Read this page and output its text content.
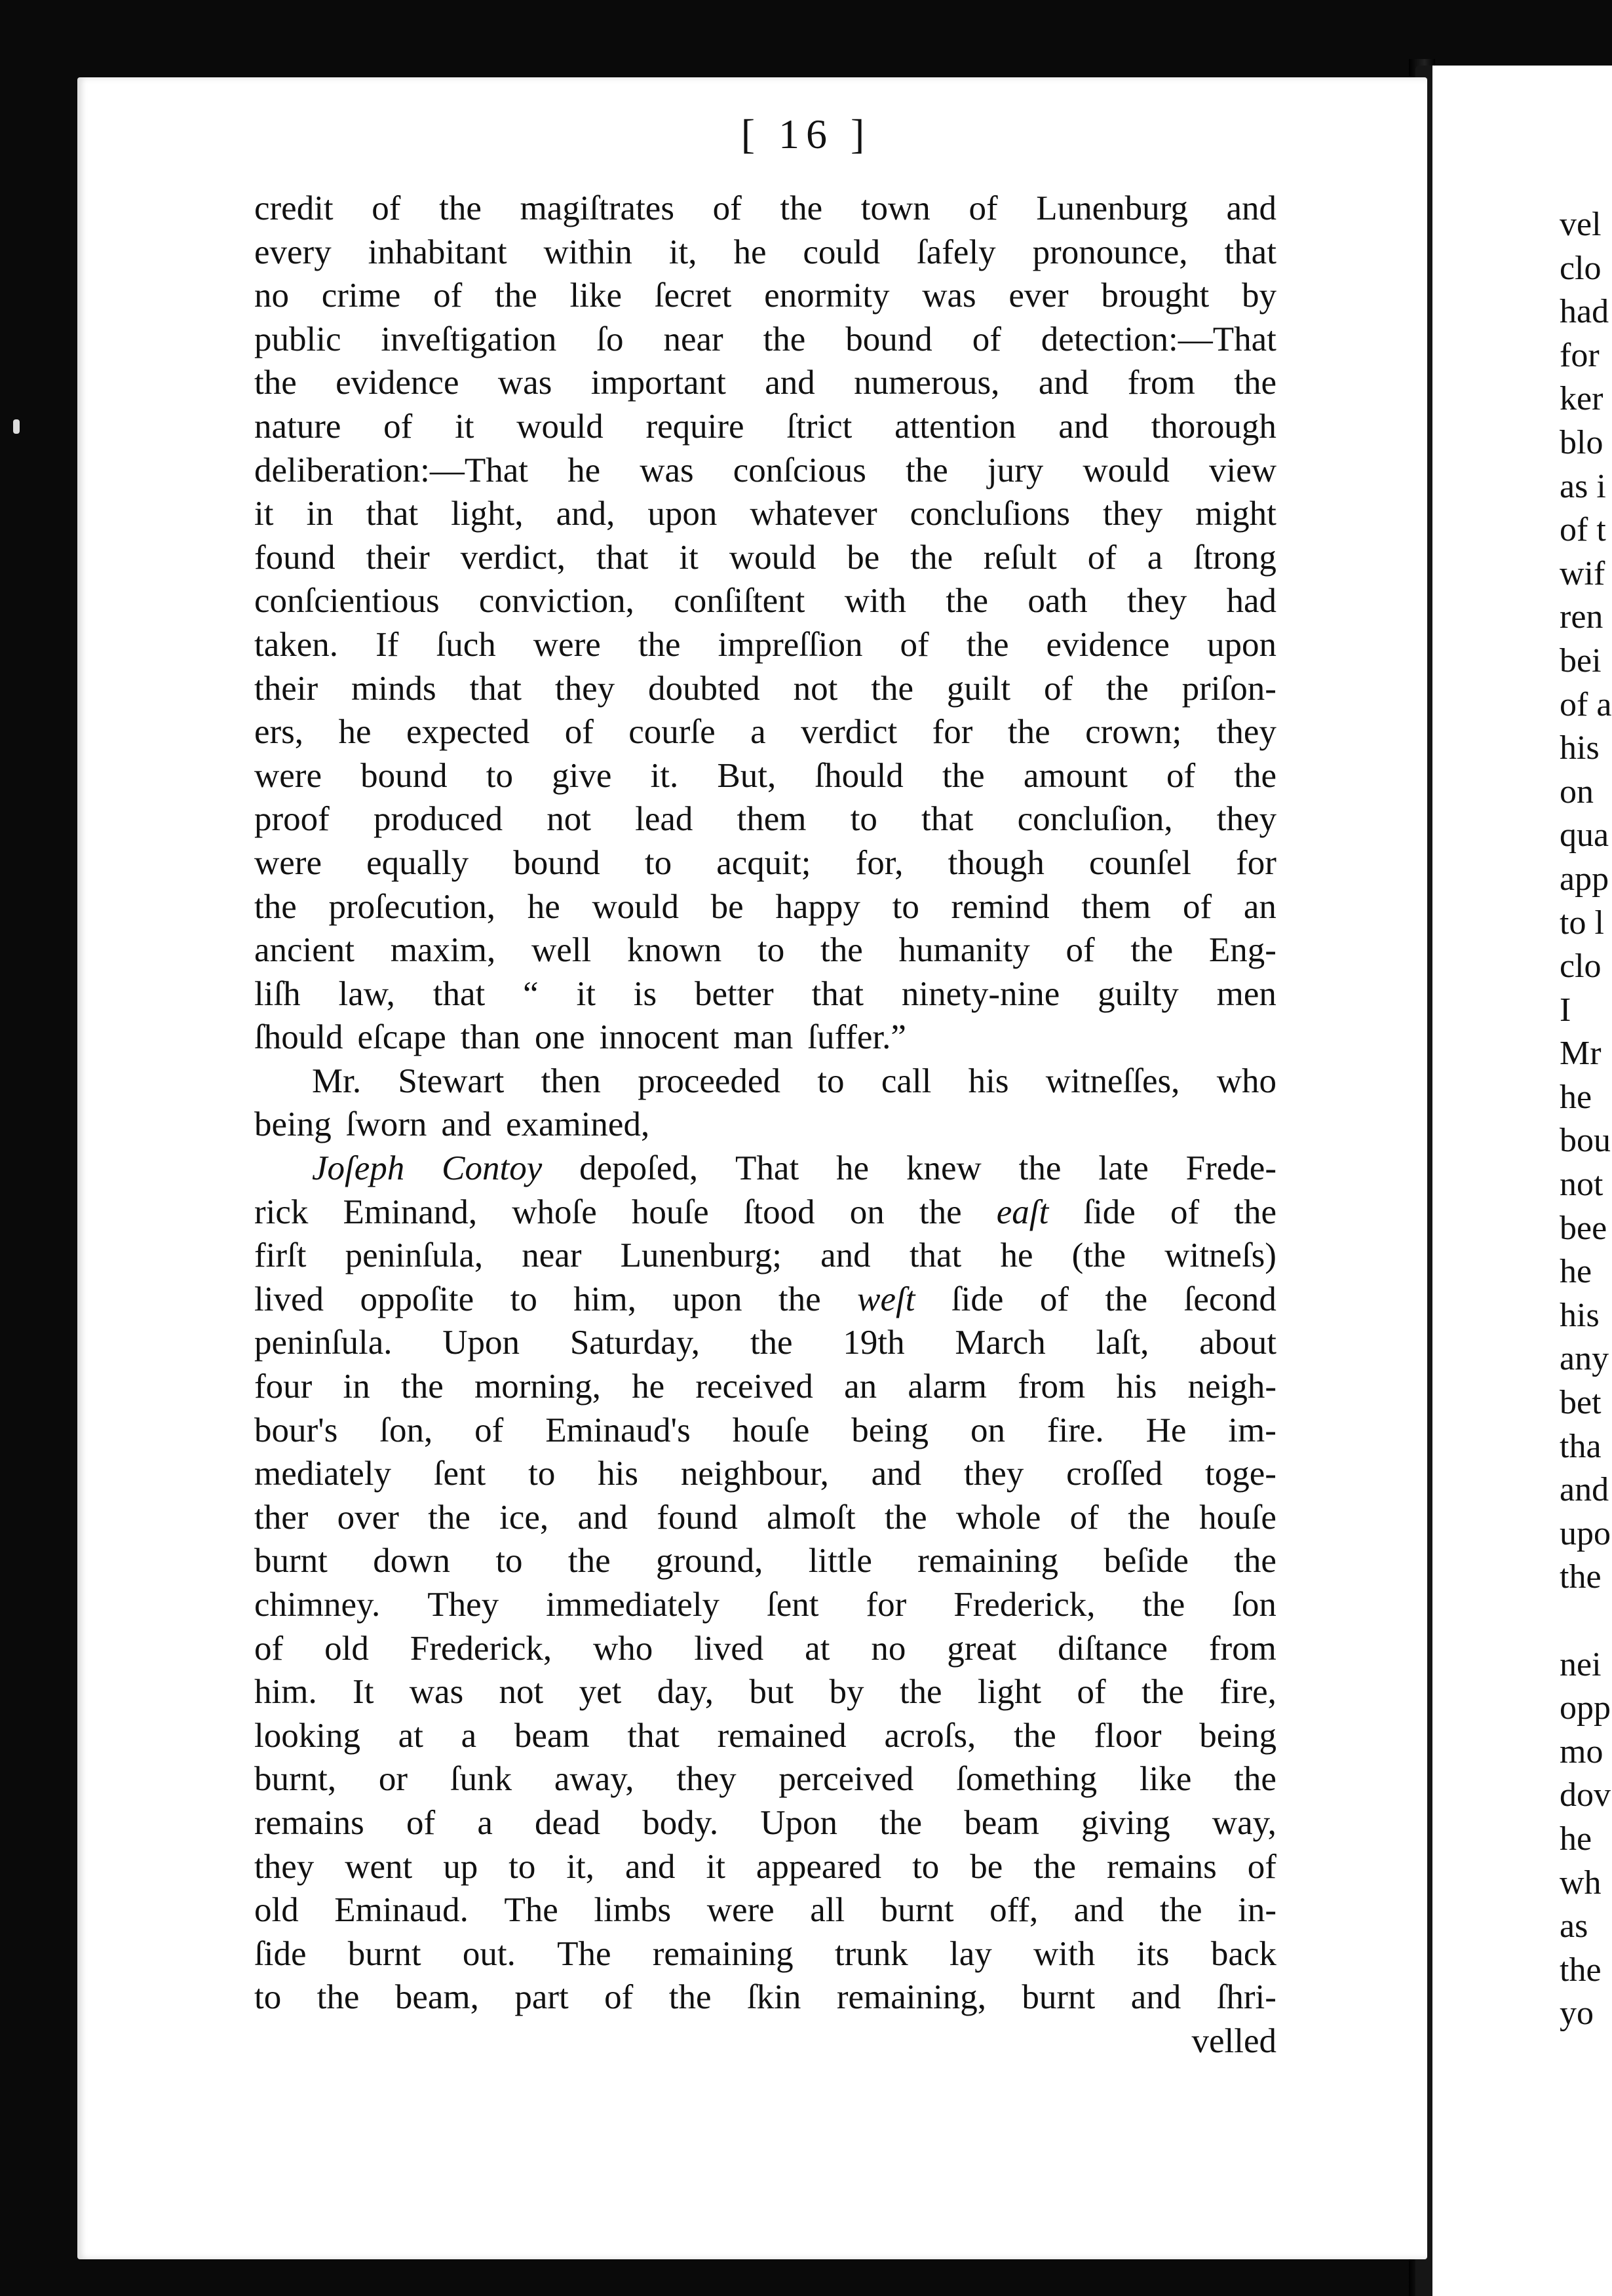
[ 16 ]
credit of the magiſtrates of the town of Lunenburg and
every inhabitant within it, he could ſafely pronounce, that
no crime of the like ſecret enormity was ever brought by
public inveſtigation ſo near the bound of detection:—That
the evidence was important and numerous, and from the
nature of it would require ſtrict attention and thorough
deliberation:—That he was conſcious the jury would view
it in that light, and, upon whatever concluſions they might
found their verdict, that it would be the reſult of a ſtrong
conſcientious conviction, conſiſtent with the oath they had
taken. If ſuch were the impreſſion of the evidence upon
their minds that they doubted not the guilt of the priſon-
ers, he expected of courſe a verdict for the crown; they
were bound to give it. But, ſhould the amount of the
proof produced not lead them to that concluſion, they
were equally bound to acquit; for, though counſel for
the proſecution, he would be happy to remind them of an
ancient maxim, well known to the humanity of the Eng-
liſh law, that “ it is better that ninety-nine guilty men
ſhould eſcape than one innocent man ſuffer.”
Mr. Stewart then proceeded to call his witneſſes, who
being ſworn and examined,
Joſeph Contoy depoſed, That he knew the late Frede-
rick Eminand, whoſe houſe ſtood on the eaſt ſide of the
firſt peninſula, near Lunenburg; and that he (the witneſs)
lived oppoſite to him, upon the weſt ſide of the ſecond
peninſula. Upon Saturday, the 19th March laſt, about
four in the morning, he received an alarm from his neigh-
bour's ſon, of Eminaud's houſe being on fire. He im-
mediately ſent to his neighbour, and they croſſed toge-
ther over the ice, and found almoſt the whole of the houſe
burnt down to the ground, little remaining beſide the
chimney. They immediately ſent for Frederick, the ſon
of old Frederick, who lived at no great diſtance from
him. It was not yet day, but by the light of the fire,
looking at a beam that remained acroſs, the floor being
burnt, or ſunk away, they perceived ſomething like the
remains of a dead body. Upon the beam giving way,
they went up to it, and it appeared to be the remains of
old Eminaud. The limbs were all burnt off, and the in-
ſide burnt out. The remaining trunk lay with its back
to the beam, part of the ſkin remaining, burnt and ſhri-
velled
vel
clo
had
for
ker
blo
as i
of t
wif
ren
bei
of a
his
on
qua
app
to l
clo
I
Mr
he
bou
not
bee
he
his
any
bet
tha
and
upo
the
nei
opp
mo
dov
he
wh
as
the
yo
